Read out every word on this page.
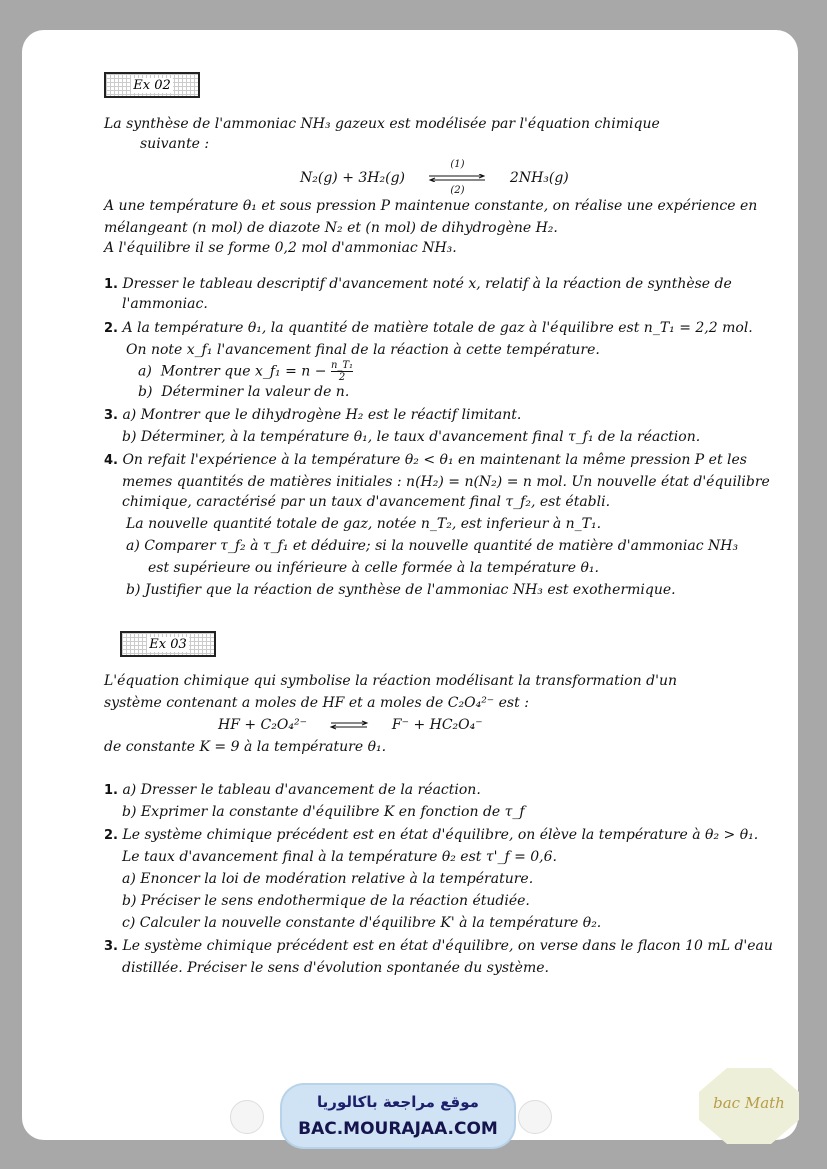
Ex 02
La synthèse de l'ammoniac NH₃ gazeux est modélisée par l'équation chimique
suivante :
N₂(g) + 3H₂(g)
(1)
(2)
2NH₃(g)
A une température θ₁ et sous pression P maintenue constante, on réalise une expérience en
mélangeant (n mol) de diazote N₂ et (n mol) de dihydrogène H₂.
A l'équilibre il se forme 0,2 mol d'ammoniac NH₃.
1. Dresser le tableau descriptif d'avancement noté x, relatif à la réaction de synthèse de
l'ammoniac.
2. A la température θ₁, la quantité de matière totale de gaz à l'équilibre est n_T₁ = 2,2 mol.
On note x_f₁ l'avancement final de la réaction à cette température.
a) Montrer que x_f₁ = $n - \frac{\text{n\_T₁}}{2}$
b) Déterminer la valeur de n.
3. a) Montrer que le dihydrogène H₂ est le réactif limitant.
b) Déterminer, à la température θ₁, le taux d'avancement final τ_f₁ de la réaction.
4. On refait l'expérience à la température θ₂ < θ₁ en maintenant la même pression P et les
memes quantités de matières initiales : n(H₂) = n(N₂) = n mol. Un nouvelle état d'équilibre
chimique, caractérisé par un taux d'avancement final τ_f₂, est établi.
La nouvelle quantité totale de gaz, notée n_T₂, est inferieur à n_T₁.
a) Comparer τ_f₂ à τ_f₁ et déduire; si la nouvelle quantité de matière d'ammoniac NH₃
est supérieure ou inférieure à celle formée à la température θ₁.
b) Justifier que la réaction de synthèse de l'ammoniac NH₃ est exothermique.
Ex 03
L'équation chimique qui symbolise la réaction modélisant la transformation d'un
système contenant a moles de HF et a moles de C₂O₄²⁻ est :
HF + C₂O₄²⁻	F⁻ + HC₂O₄⁻
de constante K = 9 à la température θ₁.
1. a) Dresser le tableau d'avancement de la réaction.
b) Exprimer la constante d'équilibre K en fonction de τ_f
2. Le système chimique précédent est en état d'équilibre, on élève la température à θ₂ > θ₁.
Le taux d'avancement final à la température θ₂ est τ'_f = 0,6.
a) Enoncer la loi de modération relative à la température.
b) Préciser le sens endothermique de la réaction étudiée.
c) Calculer la nouvelle constante d'équilibre K' à la température θ₂.
3. Le système chimique précédent est en état d'équilibre, on verse dans le flacon 10 mL d'eau
distillée. Préciser le sens d'évolution spontanée du système.
موقع مراجعة باكالوريا
BAC.MOURAJAA.COM
bac Math
